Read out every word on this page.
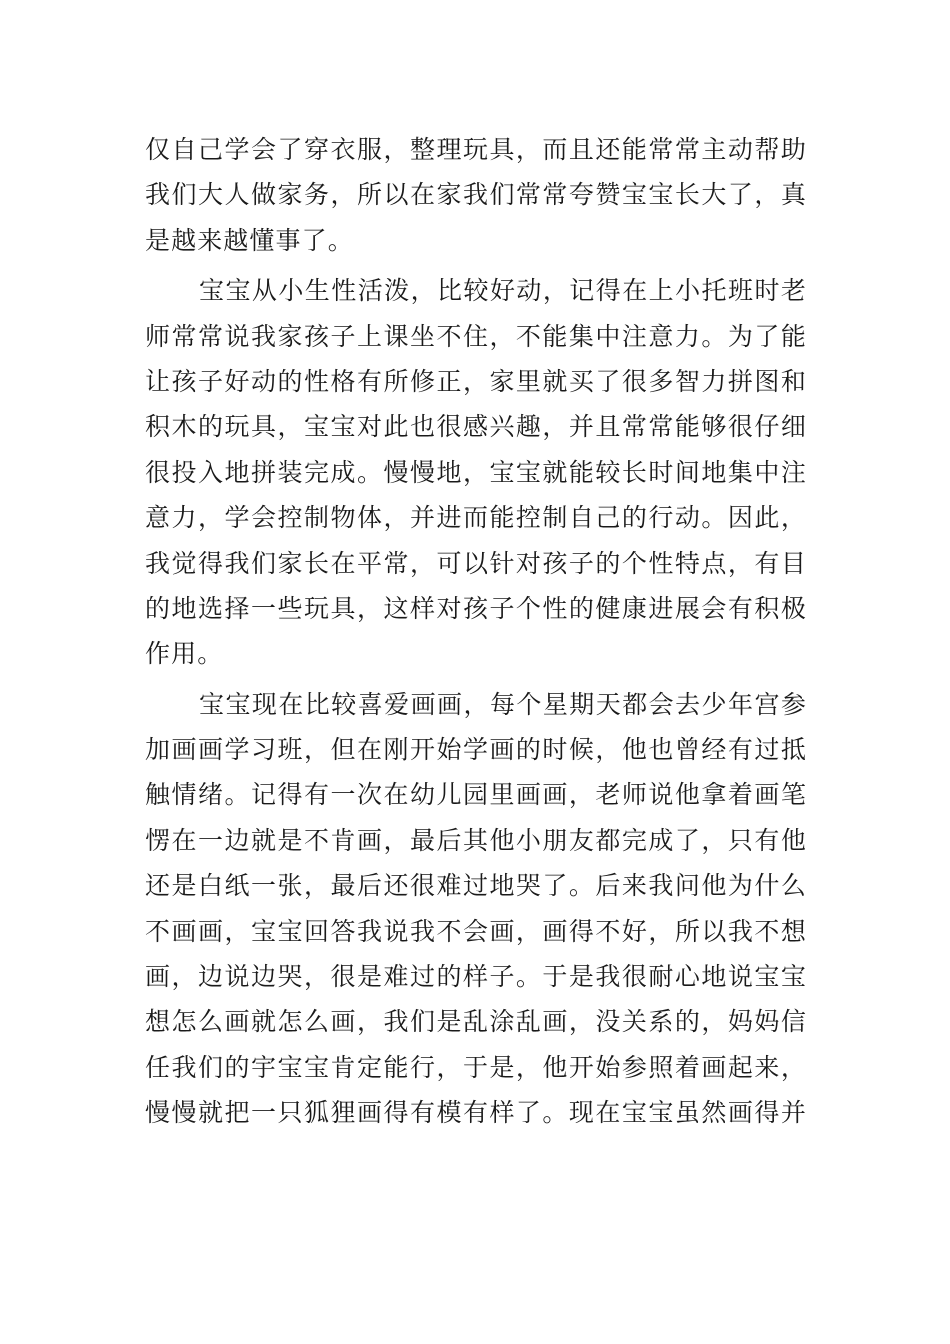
仅自己学会了穿衣服，整理玩具，而且还能常常主动帮助
我们大人做家务，所以在家我们常常夸赞宝宝长大了，真
是越来越懂事了。
宝宝从小生性活泼，比较好动，记得在上小托班时老
师常常说我家孩子上课坐不住，不能集中注意力。为了能
让孩子好动的性格有所修正，家里就买了很多智力拼图和
积木的玩具，宝宝对此也很感兴趣，并且常常能够很仔细
很投入地拼装完成。慢慢地，宝宝就能较长时间地集中注
意力，学会控制物体，并进而能控制自己的行动。因此，
我觉得我们家长在平常，可以针对孩子的个性特点，有目
的地选择一些玩具，这样对孩子个性的健康进展会有积极
作用。
宝宝现在比较喜爱画画，每个星期天都会去少年宫参
加画画学习班，但在刚开始学画的时候，他也曾经有过抵
触情绪。记得有一次在幼儿园里画画，老师说他拿着画笔
愣在一边就是不肯画，最后其他小朋友都完成了，只有他
还是白纸一张，最后还很难过地哭了。后来我问他为什么
不画画，宝宝回答我说我不会画，画得不好，所以我不想
画，边说边哭，很是难过的样子。于是我很耐心地说宝宝
想怎么画就怎么画，我们是乱涂乱画，没关系的，妈妈信
任我们的宇宝宝肯定能行，于是，他开始参照着画起来，
慢慢就把一只狐狸画得有模有样了。现在宝宝虽然画得并
